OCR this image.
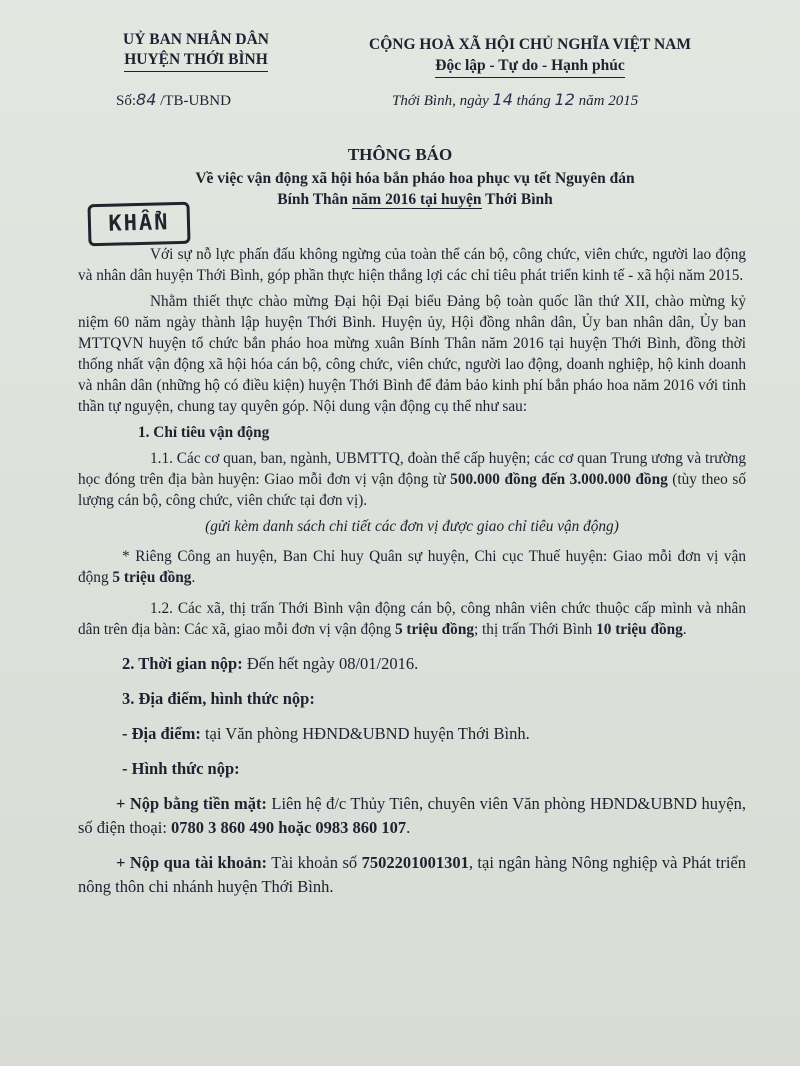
UỶ BAN NHÂN DÂN
HUYỆN THỚI BÌNH
CỘNG HOÀ XÃ HỘI CHỦ NGHĨA VIỆT NAM
Độc lập - Tự do - Hạnh phúc
Số:84 /TB-UBND	Thới Bình, ngày 14 tháng 12 năm 2015
THÔNG BÁO
Về việc vận động xã hội hóa bắn pháo hoa phục vụ tết Nguyên đán
Bính Thân năm 2016 tại huyện Thới Bình
KHẨN

Với sự nỗ lực phấn đấu không ngừng của toàn thể cán bộ, công chức, viên chức, người lao động và nhân dân huyện Thới Bình, góp phần thực hiện thắng lợi các chỉ tiêu phát triển kinh tế - xã hội năm 2015.

Nhằm thiết thực chào mừng Đại hội Đại biểu Đảng bộ toàn quốc lần thứ XII, chào mừng kỷ niệm 60 năm ngày thành lập huyện Thới Bình. Huyện ủy, Hội đồng nhân dân, Ủy ban nhân dân, Ủy ban MTTQVN huyện tổ chức bắn pháo hoa mừng xuân Bính Thân năm 2016 tại huyện Thới Bình, đồng thời thống nhất vận động xã hội hóa cán bộ, công chức, viên chức, người lao động, doanh nghiệp, hộ kinh doanh và nhân dân (những hộ có điều kiện) huyện Thới Bình để đảm bảo kinh phí bắn pháo hoa năm 2016 với tinh thần tự nguyện, chung tay quyên góp. Nội dung vận động cụ thể như sau:

1. Chỉ tiêu vận động

1.1. Các cơ quan, ban, ngành, UBMTTQ, đoàn thể cấp huyện; các cơ quan Trung ương và trường học đóng trên địa bàn huyện: Giao mỗi đơn vị vận động từ 500.000 đồng đến 3.000.000 đồng (tùy theo số lượng cán bộ, công chức, viên chức tại đơn vị).

(gửi kèm danh sách chi tiết các đơn vị được giao chỉ tiêu vận động)

* Riêng Công an huyện, Ban Chỉ huy Quân sự huyện, Chi cục Thuế huyện: Giao mỗi đơn vị vận động 5 triệu đồng.

1.2. Các xã, thị trấn Thới Bình vận động cán bộ, công nhân viên chức thuộc cấp mình và nhân dân trên địa bàn: Các xã, giao mỗi đơn vị vận động 5 triệu đồng; thị trấn Thới Bình 10 triệu đồng.

2. Thời gian nộp: Đến hết ngày 08/01/2016.

3. Địa điểm, hình thức nộp:

- Địa điểm: tại Văn phòng HĐND&UBND huyện Thới Bình.

- Hình thức nộp:

+ Nộp bằng tiền mặt: Liên hệ đ/c Thủy Tiên, chuyên viên Văn phòng HĐND&UBND huyện, số điện thoại: 0780 3 860 490 hoặc 0983 860 107.

+ Nộp qua tài khoản: Tài khoản số 7502201001301, tại ngân hàng Nông nghiệp và Phát triển nông thôn chi nhánh huyện Thới Bình.
